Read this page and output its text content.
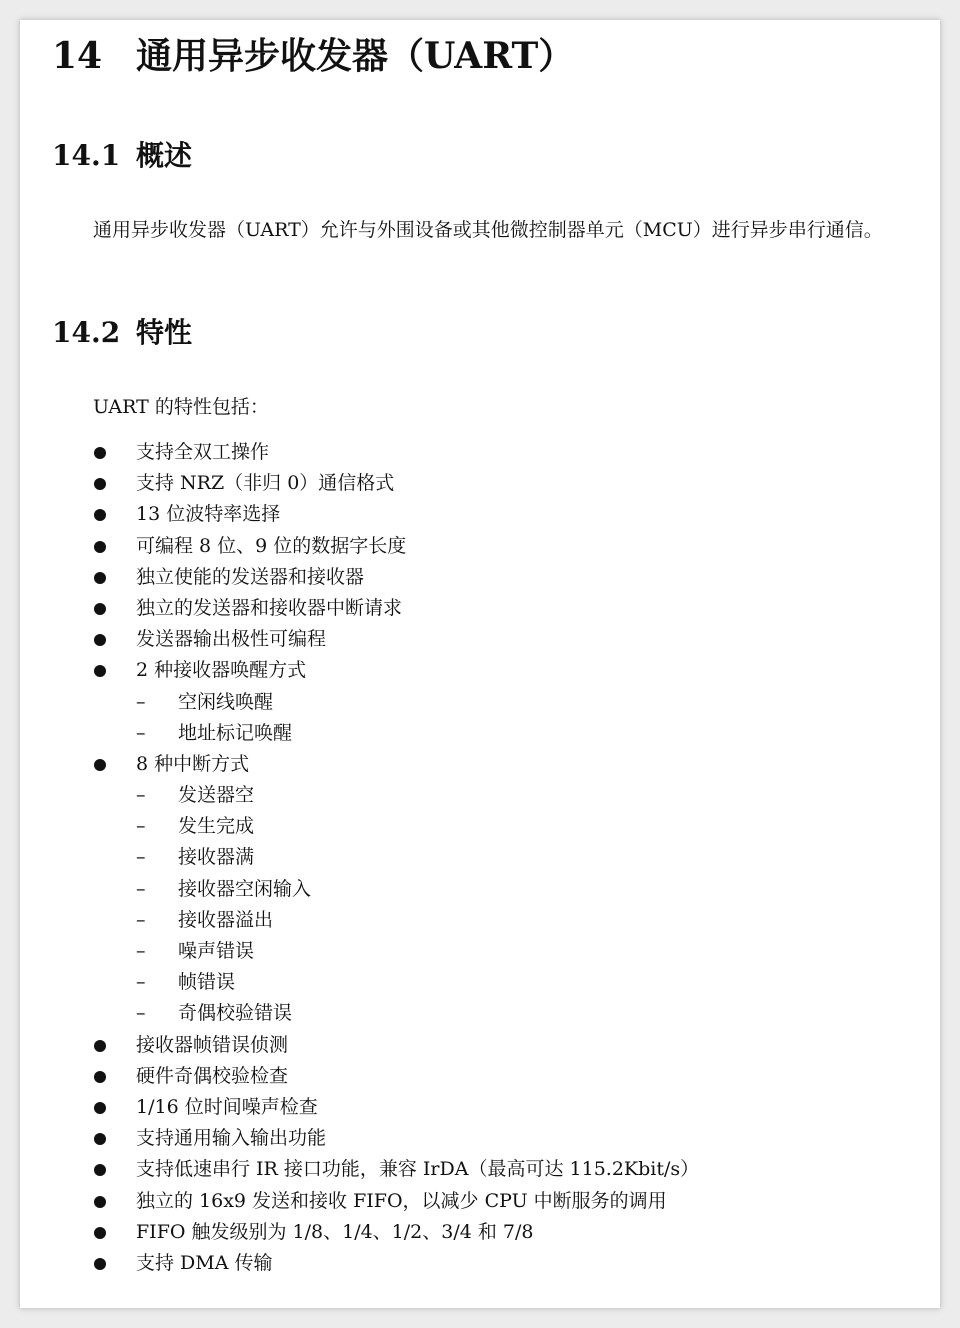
14 通用异步收发器（UART）
14.1 概述
通用异步收发器（UART）允许与外围设备或其他微控制器单元（MCU）进行异步串行通信。
14.2 特性
UART 的特性包括：
支持全双工操作
支持 NRZ（非归 0）通信格式
13 位波特率选择
可编程 8 位、9 位的数据字长度
独立使能的发送器和接收器
独立的发送器和接收器中断请求
发送器输出极性可编程
2 种接收器唤醒方式
– 空闲线唤醒
– 地址标记唤醒
8 种中断方式
– 发送器空
– 发生完成
– 接收器满
– 接收器空闲输入
– 接收器溢出
– 噪声错误
– 帧错误
– 奇偶校验错误
接收器帧错误侦测
硬件奇偶校验检查
1/16 位时间噪声检查
支持通用输入输出功能
支持低速串行 IR 接口功能，兼容 IrDA（最高可达 115.2Kbit/s）
独立的 16x9 发送和接收 FIFO，以减少 CPU 中断服务的调用
FIFO 触发级别为 1/8、1/4、1/2、3/4 和 7/8
支持 DMA 传输
